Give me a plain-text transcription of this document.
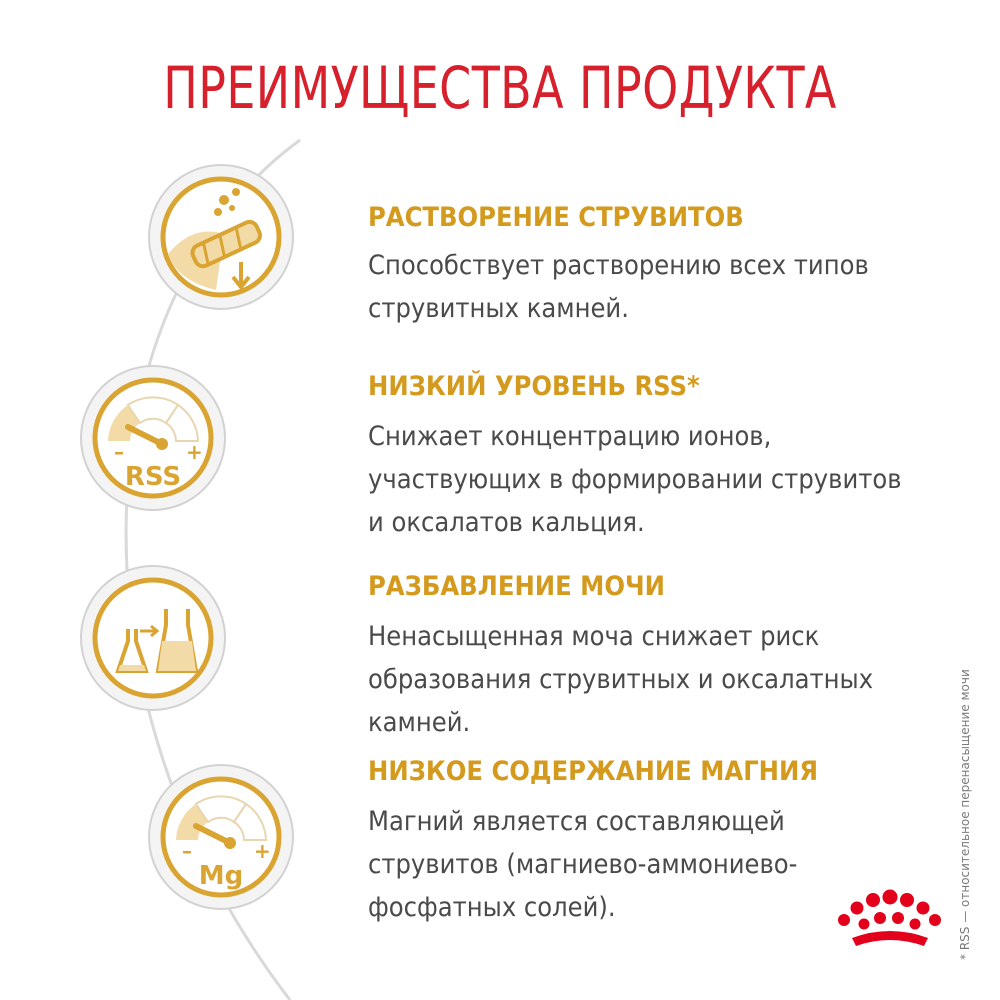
ПРЕИМУЩЕСТВА ПРОДУКТА
–	+
RSS
–	+
Mg
РАСТВОРЕНИЕ СТРУВИТОВ

Способствует растворению всех типов

струвитных камней.

НИЗКИЙ УРОВЕНЬ RSS*

Снижает концентрацию ионов,

участвующих в формировании струвитов

и оксалатов кальция.

РАЗБАВЛЕНИЕ МОЧИ

Ненасыщенная моча снижает риск

образования струвитных и оксалатных

камней.

НИЗКОЕ СОДЕРЖАНИЕ МАГНИЯ

Магний является составляющей

струвитов (магниево-аммониево-

фосфатных солей).	* RSS — относительное перенасыщение мочи
